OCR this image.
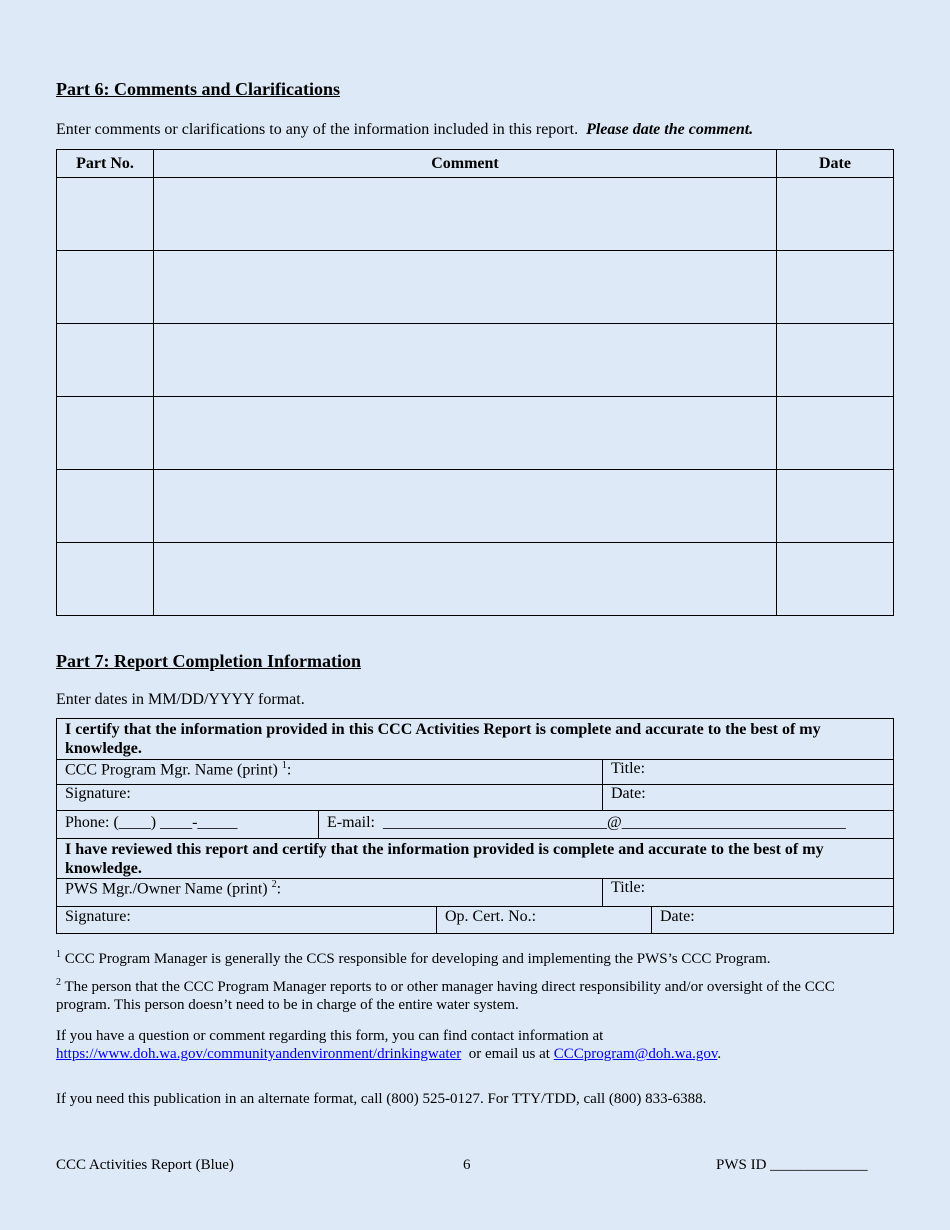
Part 6: Comments and Clarifications
Enter comments or clarifications to any of the information included in this report.  Please date the comment.
Part No.	Comment	Date

Part 7: Report Completion Information
Enter dates in MM/DD/YYYY format.
I certify that the information provided in this CCC Activities Report is complete and accurate to the best of my knowledge.				
CCC Program Mgr. Name (print) $^1$:			Title:	
Signature:			Date:	
Phone: (____) ____-_____	E-mail:  ____________________________@____________________________			
I have reviewed this report and certify that the information provided is complete and accurate to the best of my knowledge.				
PWS Mgr./Owner Name (print) $^2$:			Title:	
Signature:		Op. Cert. No.:		Date:
$^1$ CCC Program Manager is generally the CCS responsible for developing and implementing the PWS’s CCC Program.
$^2$ The person that the CCC Program Manager reports to or other manager having direct responsibility and/or oversight of the CCC program. This person doesn’t need to be in charge of the entire water system.
If you have a question or comment regarding this form, you can find contact information at
https://www.doh.wa.gov/communityandenvironment/drinkingwater  or email us at CCCprogram@doh.wa.gov.
If you need this publication in an alternate format, call (800) 525-0127. For TTY/TDD, call (800) 833-6388.
CCC Activities Report (Blue)	6	PWS ID _____________
